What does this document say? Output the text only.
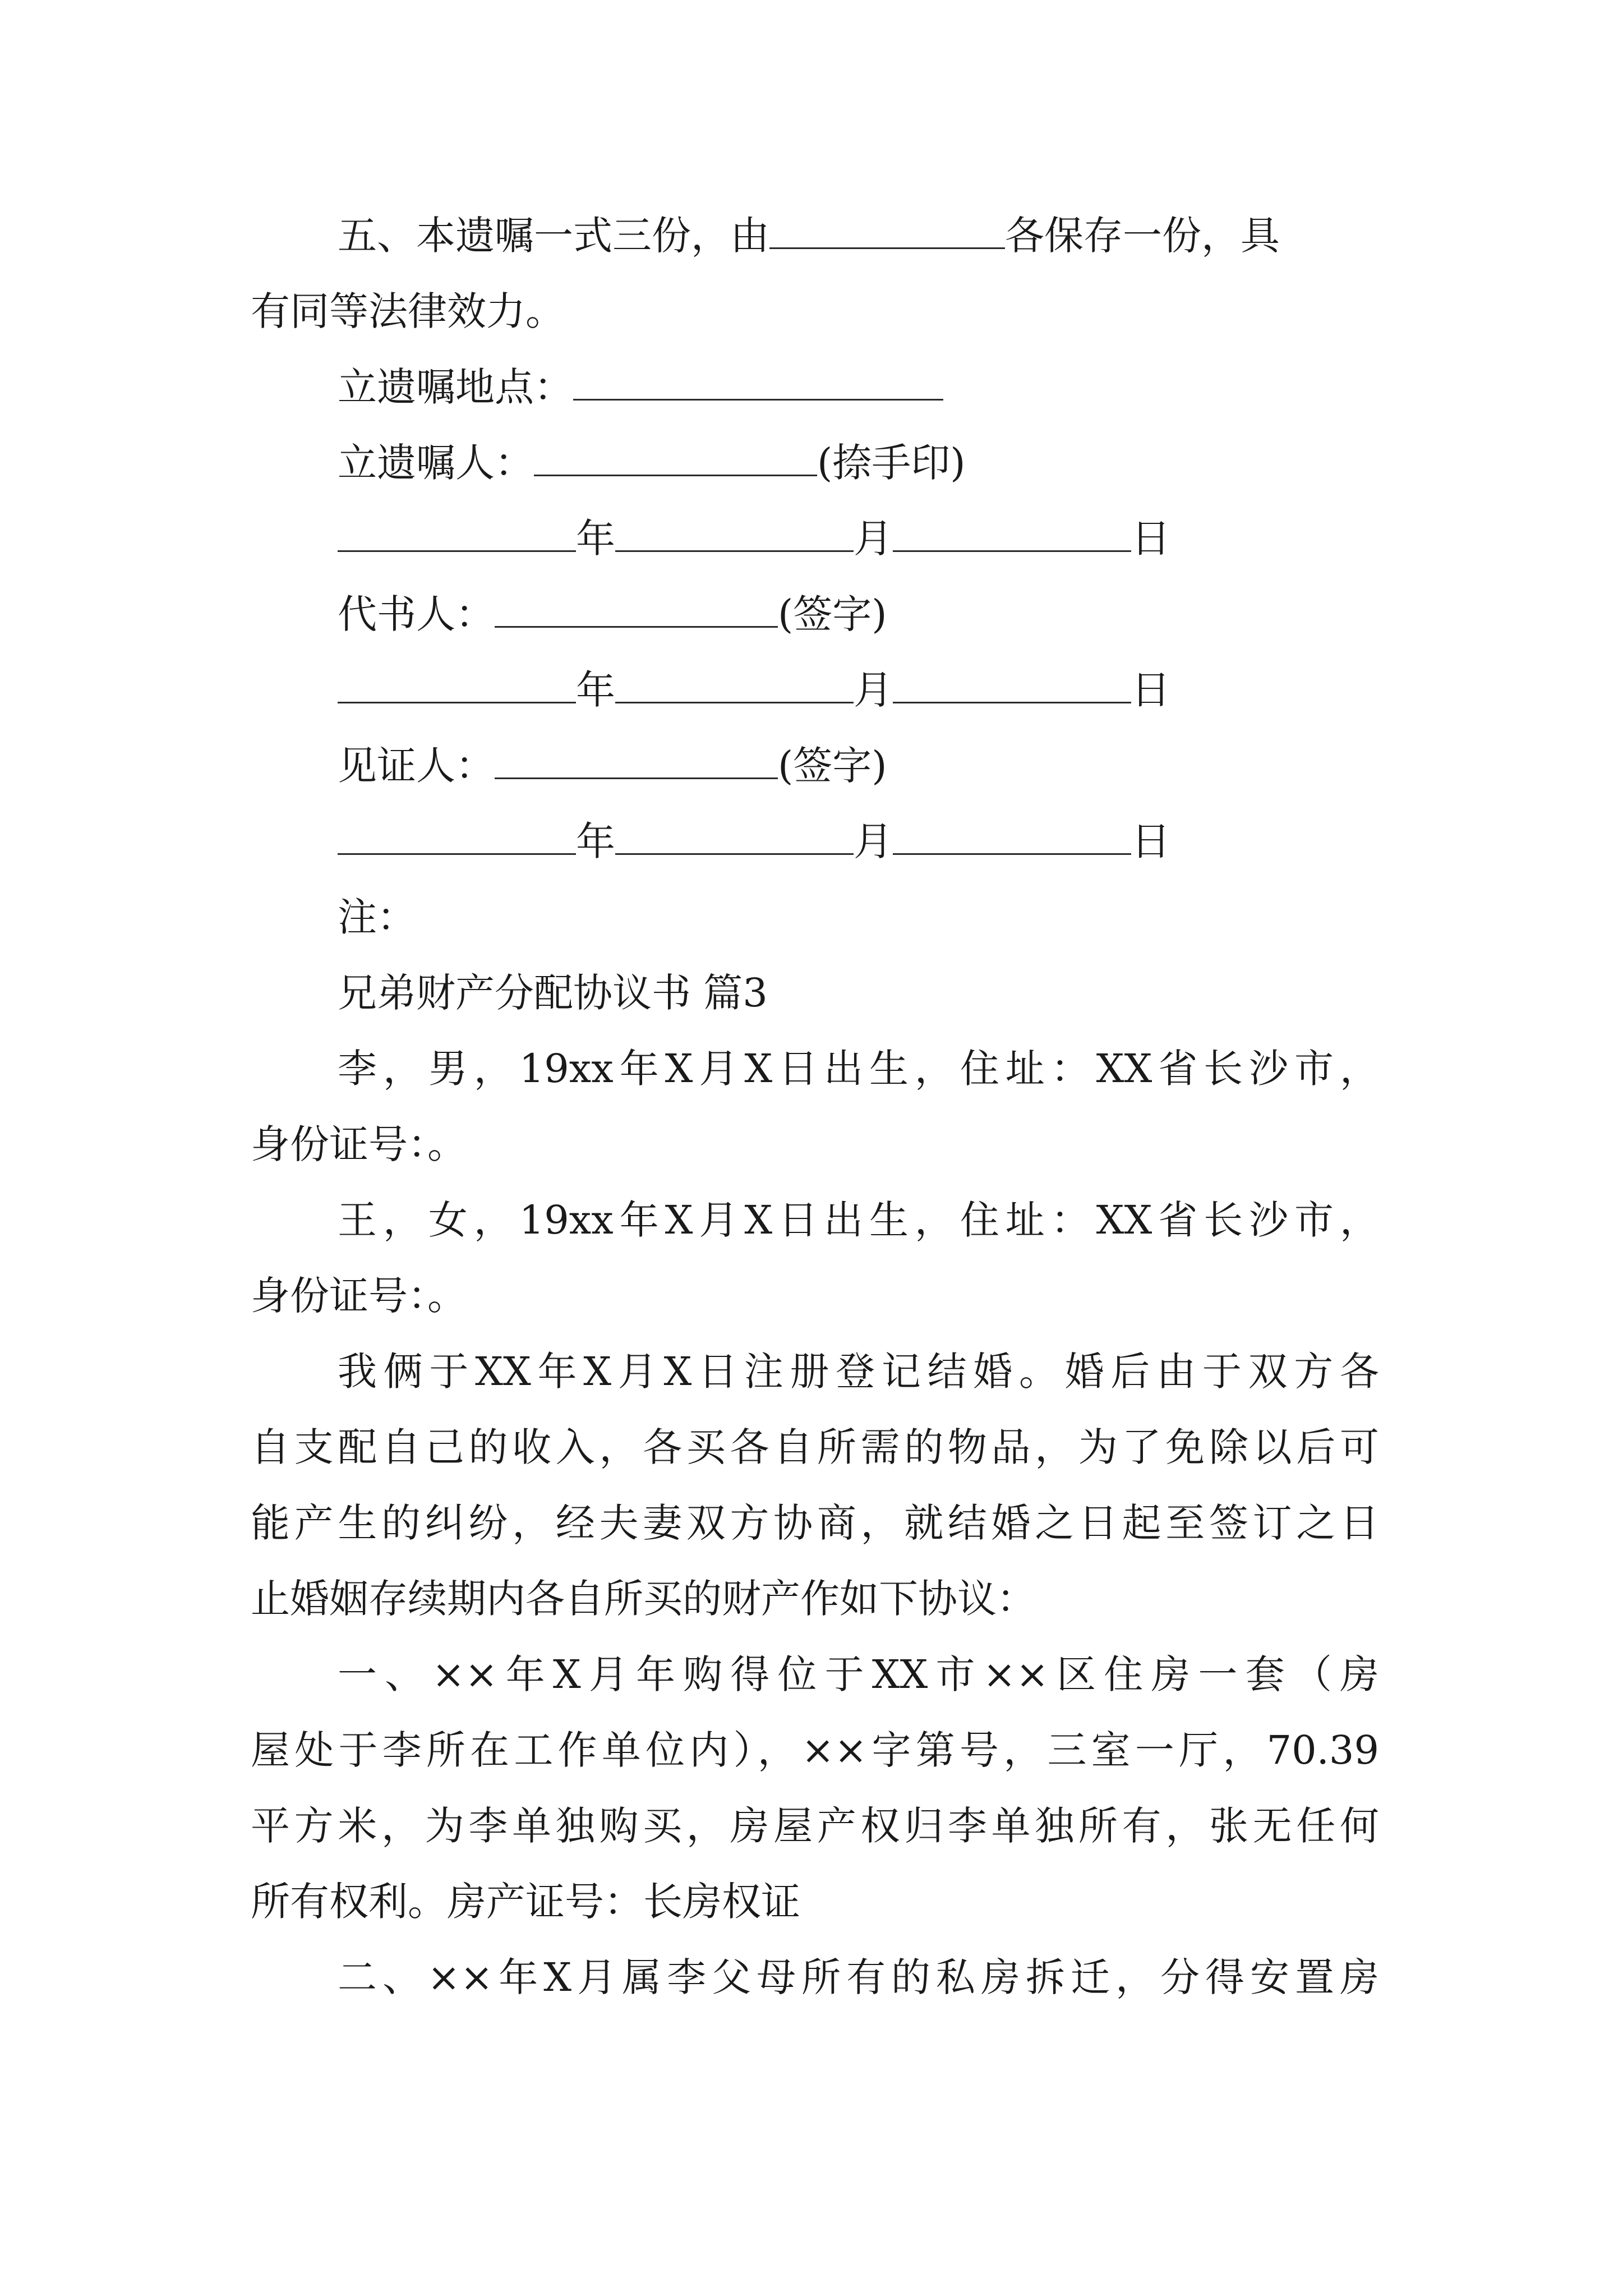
五、本遗嘱一式三份，由	各保存一份，具
有同等法律效力。
立遗嘱地点：
立遗嘱人：	(捺手印)
年	月	日
代书人：	(签字)
年	月	日
见证人：	(签字)
年	月	日
注：
兄弟财产分配协议书 篇3
李，男，19xx年X月X日出生，住址：XX省长沙市，
身份证号：。
王，女，19xx年X月X日出生，住址：XX省长沙市，
身份证号：。
我俩于XX年X月X日注册登记结婚。婚后由于双方各
自支配自己的收入，各买各自所需的物品，为了免除以后可
能产生的纠纷，经夫妻双方协商，就结婚之日起至签订之日
止婚姻存续期内各自所买的财产作如下协议：
一、××年X月年购得位于XX市××区住房一套（房
屋处于李所在工作单位内），××字第号，三室一厅，70.39
平方米，为李单独购买，房屋产权归李单独所有，张无任何
所有权利。房产证号：长房权证
二、××年X月属李父母所有的私房拆迁，分得安置房
